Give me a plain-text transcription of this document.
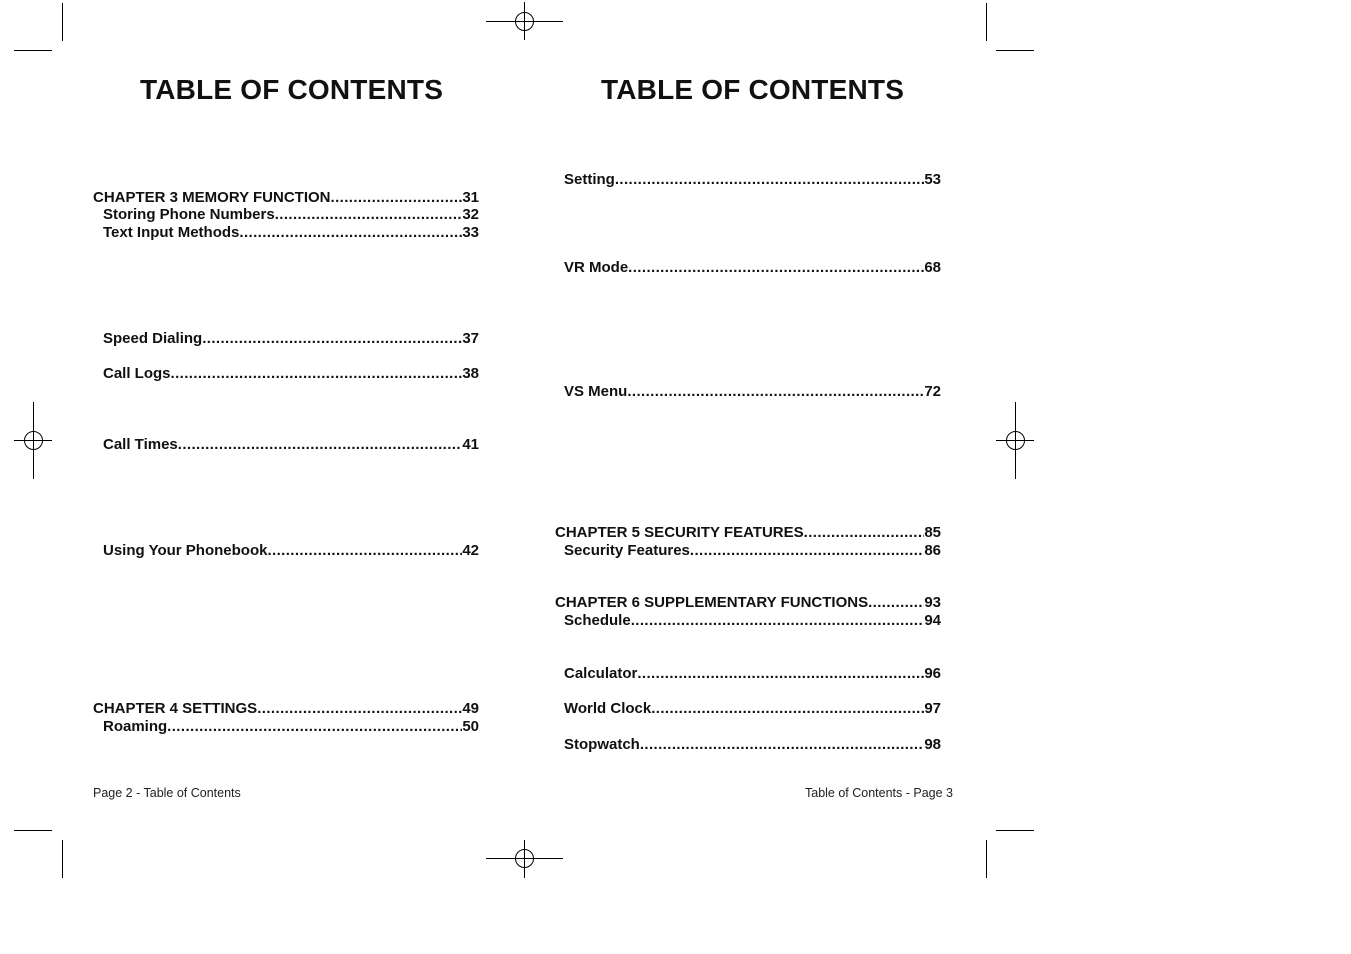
TABLE OF CONTENTS
CHAPTER 3 MEMORY FUNCTION .....	31
Storing Phone Numbers .....	32
Text Input Methods .....	33
Speed Dialing .....	37
Call Logs .....	38
Call Times .....	41
Using Your Phonebook .....	42
CHAPTER 4 SETTINGS .....	49
Roaming .....	50
Page 2 - Table of Contents
TABLE OF CONTENTS
Setting .....	53
VR Mode .....	68
VS Menu .....	72
CHAPTER 5 SECURITY FEATURES .....	85
Security Features .....	86
CHAPTER 6 SUPPLEMENTARY FUNCTIONS .....	93
Schedule .....	94
Calculator .....	96
World Clock .....	97
Stopwatch .....	98
Table of Contents - Page 3
